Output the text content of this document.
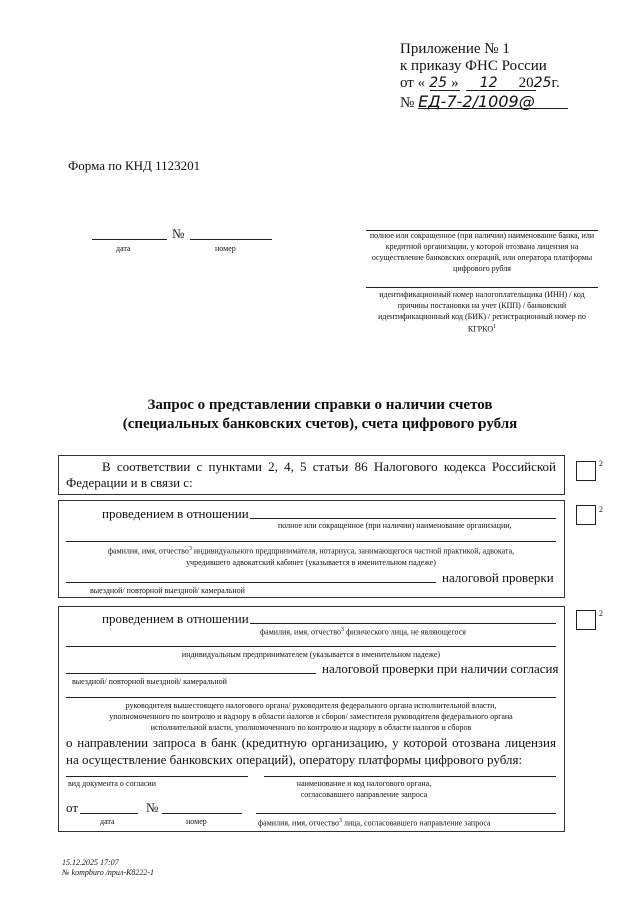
Приложение № 1
к приказу ФНС России
от « 25 » 12 2025г.
№ ЕД-7-2/1009@
Форма по КНД 1123201
№
дата	номер
полное или сокращенное (при наличии) наименование банка, или кредитной организации, у которой отозвана лицензия на осуществление банковских операций, или оператора платформы цифрового рубля
идентификационный номер налогоплательщика (ИНН) / код причины постановки на учет (КПП) / банковский идентификационный код (БИК) / регистрационный номер по КГРКО$^1$
Запрос о представлении справки о наличии счетов
(специальных банковских счетов), счета цифрового рубля
В соответствии с пунктами 2, 4, 5 статьи 86 Налогового кодекса Российской Федерации и в связи с:
2
проведением в отношении
полное или сокращенное (при наличии) наименование организации,
фамилия, имя, отчество$^3$ индивидуального предпринимателя, нотариуса, занимающегося частной практикой, адвоката,
учредившего адвокатский кабинет (указывается в именительном падеже)
налоговой проверки
выездной/ повторной выездной/ камеральной
2
проведением в отношении
фамилия, имя, отчество$^3$ физического лица, не являющегося
индивидуальным предпринимателем (указывается в именительном падеже)
налоговой проверки при наличии согласия
выездной/ повторной выездной/ камеральной
руководителя вышестоящего налогового органа/ руководителя федерального органа исполнительной власти,
уполномоченного по контролю и надзору в области налогов и сборов/ заместителя руководителя федерального органа
исполнительной власти, уполномоченного по контролю и надзору в области налогов и сборов
о направлении запроса в банк (кредитную организацию, у которой отозвана лицензия на осуществление банковских операций), оператору платформы цифрового рубля:
вид документа о согласии	наименование и код налогового органа,
согласовавшего направление запроса
от	№
дата	номер	фамилия, имя, отчество$^3$ лица, согласовавшего направление запроса
2
15.12.2025 17:07
№ kompburo /прил-К8222-1
